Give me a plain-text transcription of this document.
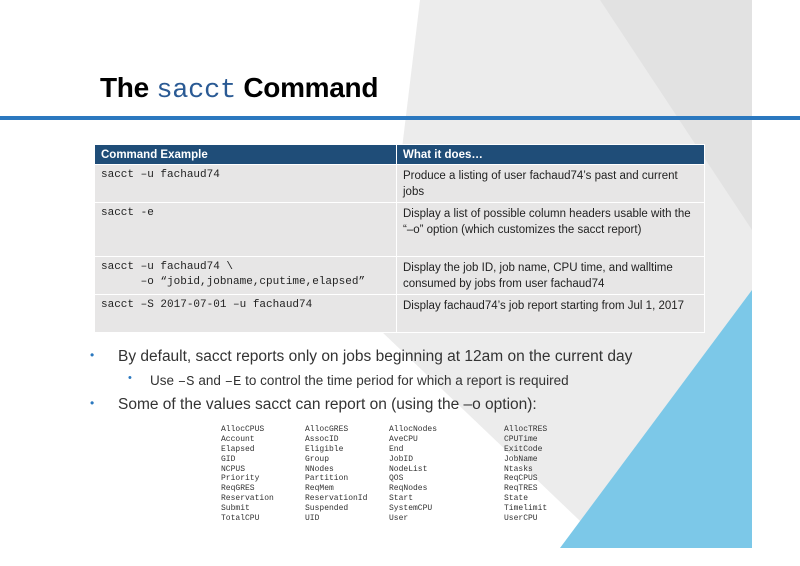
The sacct Command
Command Example	What it does…
sacct –u fachaud74	Produce a listing of user fachaud74’s past and current jobs
sacct -e	Display a list of possible column headers usable with the “–o” option (which customizes the sacct report)
sacct –u fachaud74 \
–o “jobid,jobname,cputime,elapsed”	Display the job ID, job name, CPU time, and walltime consumed by jobs from user fachaud74
sacct –S 2017-07-01 –u fachaud74	Display fachaud74’s job report starting from Jul 1, 2017
• By default, sacct reports only on jobs beginning at 12am on the current day
• Use –S and –E to control the time period for which a report is required
• Some of the values sacct can report on (using the –o option):
AllocCPUS
Account
Elapsed
GID
NCPUS
Priority
ReqGRES
Reservation
Submit
TotalCPU
AllocGRES
AssocID
Eligible
Group
NNodes
Partition
ReqMem
ReservationId
Suspended
UID
AllocNodes
AveCPU
End
JobID
NodeList
QOS
ReqNodes
Start
SystemCPU
User
AllocTRES
CPUTime
ExitCode
JobName
Ntasks
ReqCPUS
ReqTRES
State
Timelimit
UserCPU
